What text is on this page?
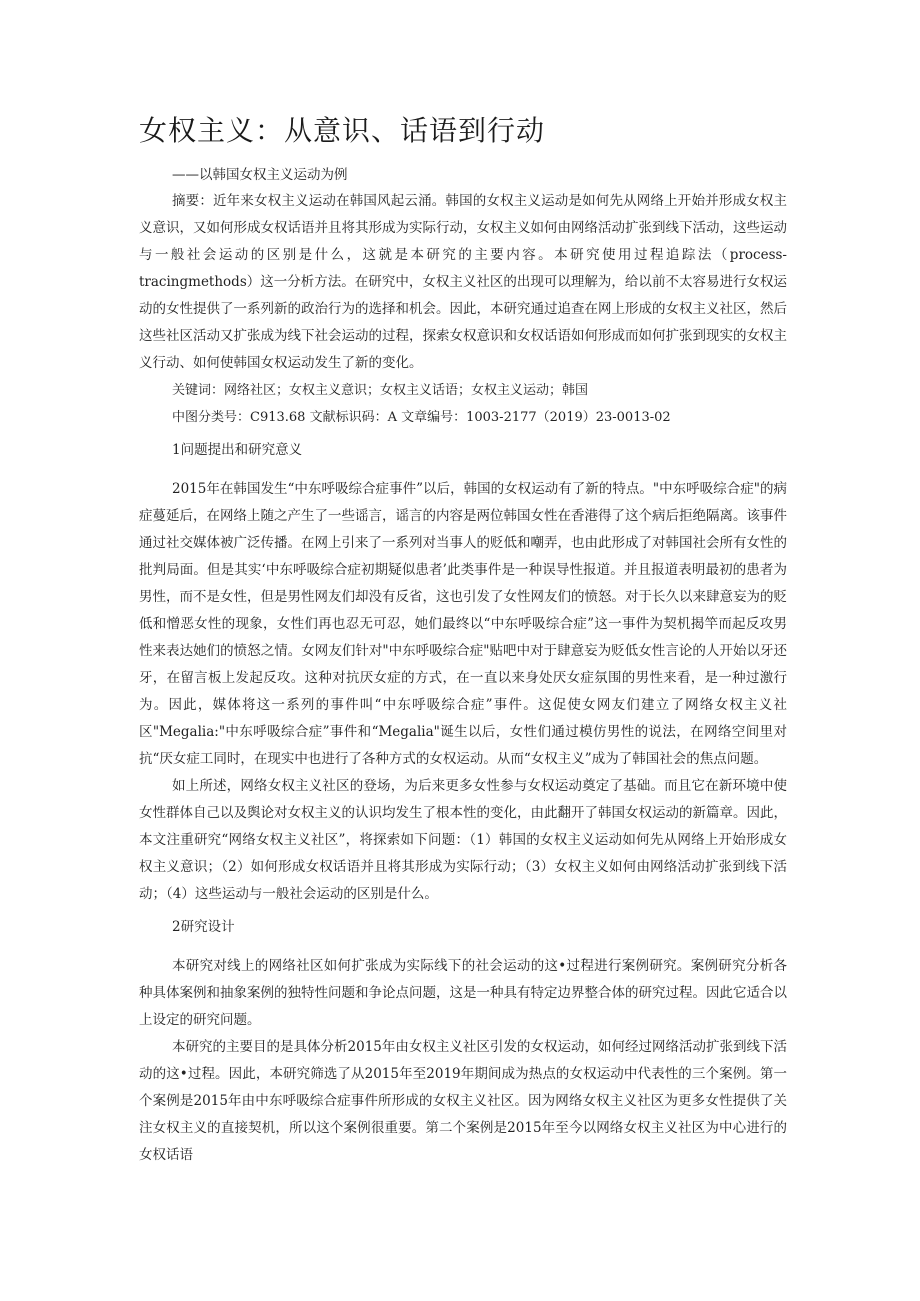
女权主义：从意识、话语到行动

——以韩国女权主义运动为例

摘要：近年来女权主义运动在韩国风起云涌。韩国的女权主义运动是如何先从网络上开始并形成女权主义意识，又如何形成女权话语并且将其形成为实际行动，女权主义如何由网络活动扩张到线下活动，这些运动与一般社会运动的区别是什么，这就是本研究的主要内容。本研究使用过程追踪法（process-tracingmethods）这一分析方法。在研究中，女权主义社区的出现可以理解为，给以前不太容易进行女权运动的女性提供了一系列新的政治行为的选择和机会。因此，本研究通过追查在网上形成的女权主义社区，然后这些社区活动又扩张成为线下社会运动的过程，探索女权意识和女权话语如何形成而如何扩张到现实的女权主义行动、如何使韩国女权运动发生了新的变化。

关键词：网络社区；女权主义意识；女权主义话语；女权主义运动；韩国

中图分类号：C913.68 文献标识码：A 文章编号：1003-2177（2019）23-0013-02

1问题提出和研究意义

2015年在韩国发生“中东呼吸综合症事件”以后，韩国的女权运动有了新的特点。"中东呼吸综合症"的病症蔓延后，在网络上随之产生了一些谣言，谣言的内容是两位韩国女性在香港得了这个病后拒绝隔离。该事件通过社交媒体被广泛传播。在网上引来了一系列对当事人的贬低和嘲弄，也由此形成了对韩国社会所有女性的批判局面。但是其实‘中东呼吸综合症初期疑似患者’此类事件是一种误导性报道。并且报道表明最初的患者为男性，而不是女性，但是男性网友们却没有反省，这也引发了女性网友们的愤怒。对于长久以来肆意妄为的贬低和憎恶女性的现象，女性们再也忍无可忍，她们最终以“中东呼吸综合症”这一事件为契机揭竿而起反攻男性来表达她们的愤怒之情。女网友们针对"中东呼吸综合症"贴吧中对于肆意妄为贬低女性言论的人开始以牙还牙，在留言板上发起反攻。这种对抗厌女症的方式，在一直以来身处厌女症氛围的男性来看，是一种过激行为。因此，媒体将这一系列的事件叫“中东呼吸综合症”事件。这促使女网友们建立了网络女权主义社区"Megalia:"中东呼吸综合症”事件和“Megalia"诞生以后，女性们通过模仿男性的说法，在网络空间里对抗“厌女症工同时，在现实中也进行了各种方式的女权运动。从而“女权主义”成为了韩国社会的焦点问题。

如上所述，网络女权主义社区的登场，为后来更多女性参与女权运动奠定了基础。而且它在新环境中使女性群体自己以及舆论对女权主义的认识均发生了根本性的变化，由此翻开了韩国女权运动的新篇章。因此，本文注重研究“网络女权主义社区”，将探索如下问题：（1）韩国的女权主义运动如何先从网络上开始形成女权主义意识；（2）如何形成女权话语并且将其形成为实际行动；（3）女权主义如何由网络活动扩张到线下活动；（4）这些运动与一般社会运动的区别是什么。

2研究设计

本研究对线上的网络社区如何扩张成为实际线下的社会运动的这•过程进行案例研究。案例研究分析各种具体案例和抽象案例的独特性问题和争论点问题，这是一种具有特定边界整合体的研究过程。因此它适合以上设定的研究问题。

本研究的主要目的是具体分析2015年由女权主义社区引发的女权运动，如何经过网络活动扩张到线下活动的这•过程。因此，本研究筛选了从2015年至2019年期间成为热点的女权运动中代表性的三个案例。第一个案例是2015年由中东呼吸综合症事件所形成的女权主义社区。因为网络女权主义社区为更多女性提供了关注女权主义的直接契机，所以这个案例很重要。第二个案例是2015年至今以网络女权主义社区为中心进行的女权话语
